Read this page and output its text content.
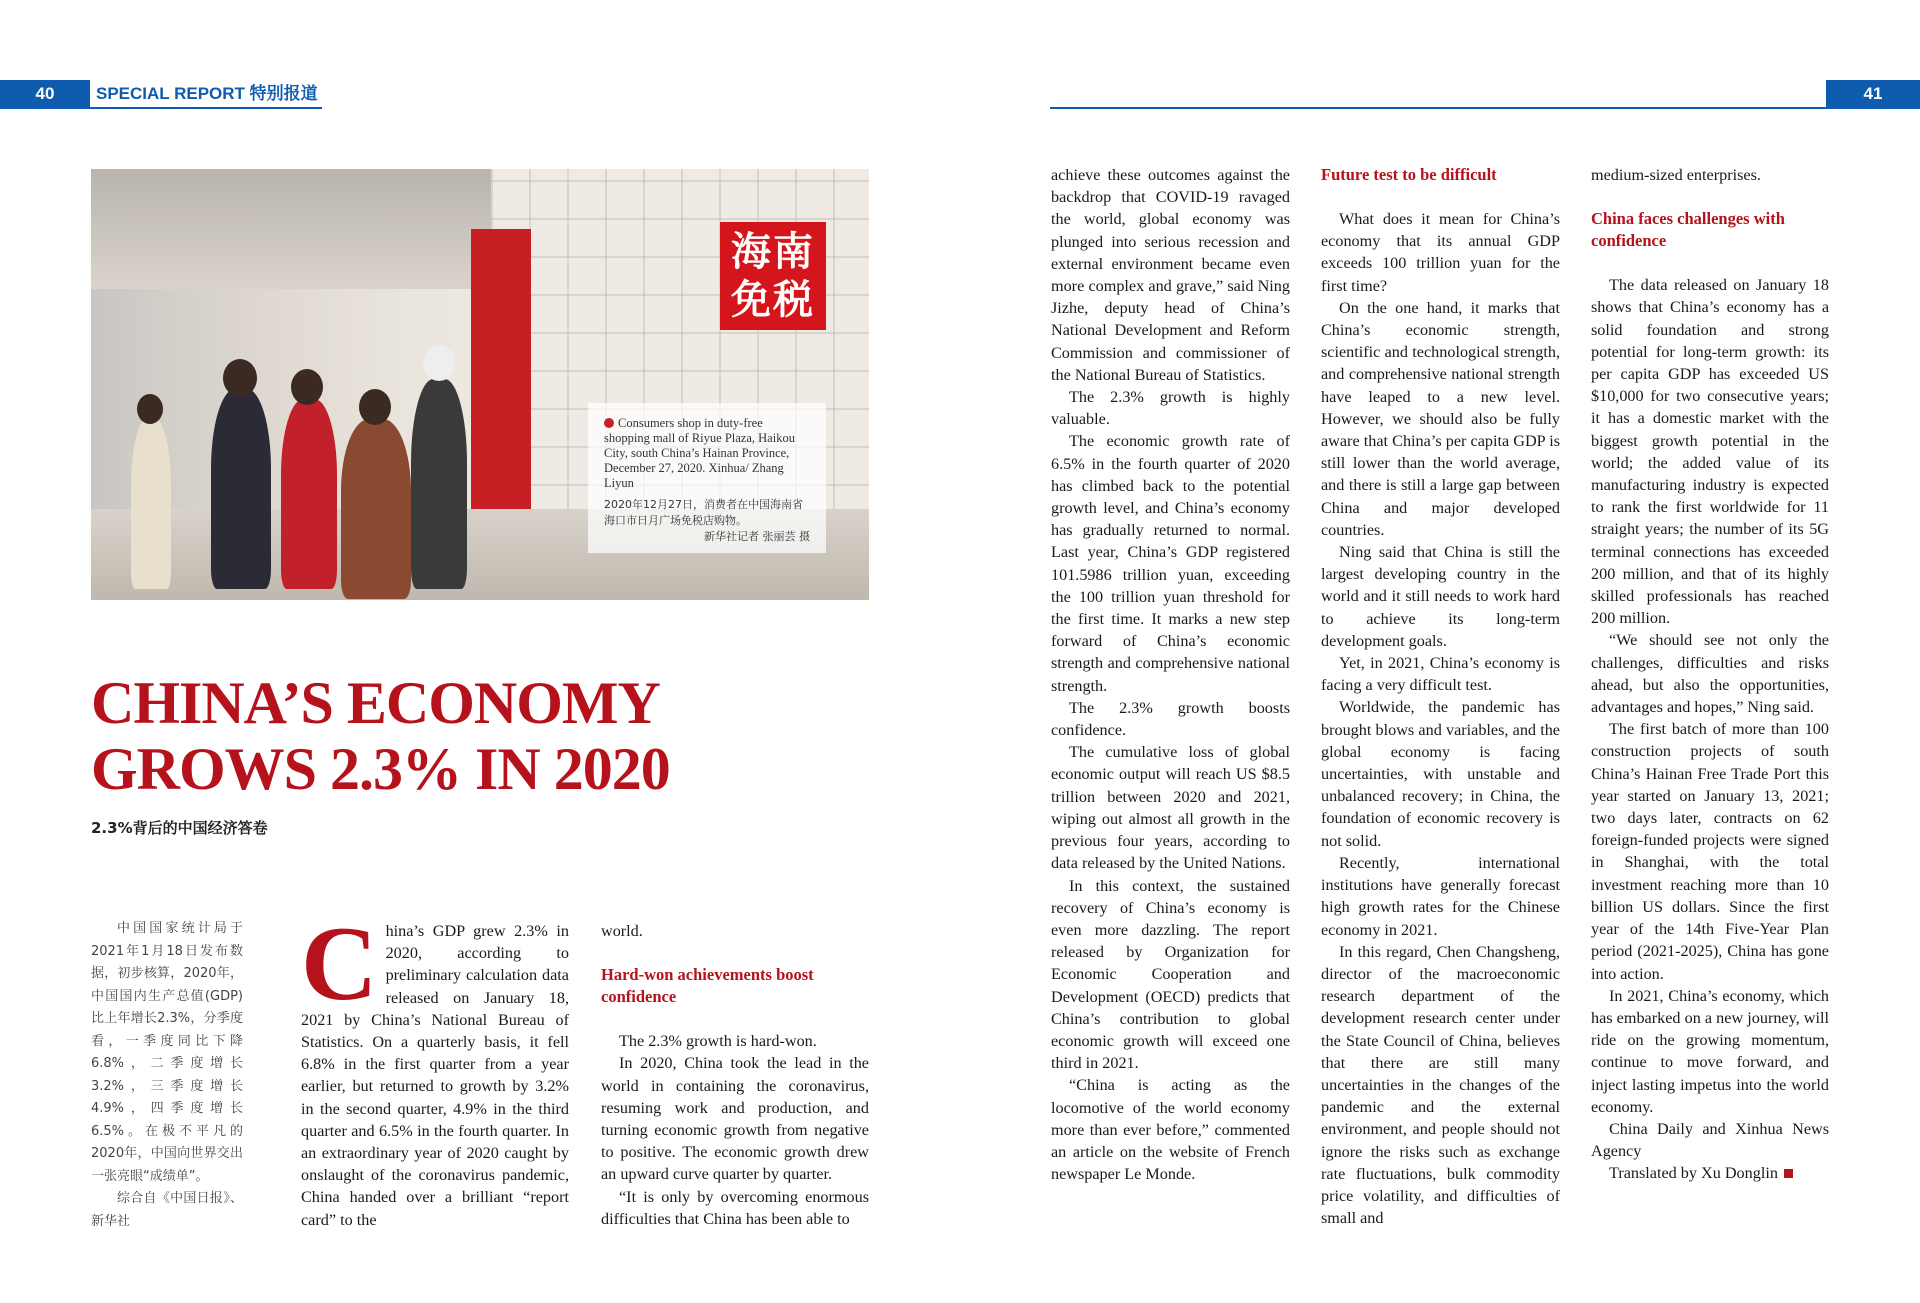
40	SPECIAL REPORT 特别报道	41
海南免税
Consumers shop in duty-free shopping mall of Riyue Plaza, Haikou City, south China’s Hainan Province, December 27, 2020. Xinhua/ Zhang Liyun
2020年12月27日，消费者在中国海南省海口市日月广场免税店购物。
新华社记者 张丽芸 摄
CHINA’S ECONOMY
GROWS 2.3% IN 2020
2.3%背后的中国经济答卷

中国国家统计局于2021年1月18日发布数据，初步核算，2020年，中国国内生产总值(GDP)比上年增长2.3%，分季度看，一季度同比下降6.8%，二季度增长3.2%，三季度增长4.9%，四季度增长6.5%。在极不平凡的2020年，中国向世界交出一张亮眼“成绩单”。

综合自《中国日报》、新华社

C hina’s GDP grew 2.3% in 2020, according to preliminary calculation data released on January 18, 2021 by China’s National Bureau of Statistics. On a quarterly basis, it fell 6.8% in the first quarter from a year earlier, but returned to growth by 3.2% in the second quarter, 4.9% in the third quarter and 6.5% in the fourth quarter. In an extraordinary year of 2020 caught by onslaught of the coronavirus pandemic, China handed over a brilliant “report card” to the

world.

Hard-won achievements boost confidence

The 2.3% growth is hard-won.

In 2020, China took the lead in the world in containing the coronavirus, resuming work and production, and turning economic growth from negative to positive. The economic growth drew an upward curve quarter by quarter.

“It is only by overcoming enormous difficulties that China has been able to

achieve these outcomes against the backdrop that COVID-19 ravaged the world, global economy was plunged into serious recession and external environment became even more complex and grave,” said Ning Jizhe, deputy head of China’s National Development and Reform Commission and commissioner of the National Bureau of Statistics.

The 2.3% growth is highly valuable.

The economic growth rate of 6.5% in the fourth quarter of 2020 has climbed back to the potential growth level, and China’s economy has gradually returned to normal. Last year, China’s GDP registered 101.5986 trillion yuan, exceeding the 100 trillion yuan threshold for the first time. It marks a new step forward of China’s economic strength and comprehensive national strength.

The 2.3% growth boosts confidence.

The cumulative loss of global economic output will reach US $8.5 trillion between 2020 and 2021, wiping out almost all growth in the previous four years, according to data released by the United Nations.

In this context, the sustained recovery of China’s economy is even more dazzling. The report released by Organization for Economic Cooperation and Development (OECD) predicts that China’s contribution to global economic growth will exceed one third in 2021.

“China is acting as the locomotive of the world economy more than ever before,” commented an article on the website of French newspaper Le Monde.

Future test to be difficult

What does it mean for China’s economy that its annual GDP exceeds 100 trillion yuan for the first time?

On the one hand, it marks that China’s economic strength, scientific and technological strength, and comprehensive national strength have leaped to a new level. However, we should also be fully aware that China’s per capita GDP is still lower than the world average, and there is still a large gap between China and major developed countries.

Ning said that China is still the largest developing country in the world and it still needs to work hard to achieve its long-term development goals.

Yet, in 2021, China’s economy is facing a very difficult test.

Worldwide, the pandemic has brought blows and variables, and the global economy is facing uncertainties, with unstable and unbalanced recovery; in China, the foundation of economic recovery is not solid.

Recently, international institutions have generally forecast high growth rates for the Chinese economy in 2021.

In this regard, Chen Changsheng, director of the macroeconomic research department of the development research center under the State Council of China, believes that there are still many uncertainties in the changes of the pandemic and the external environment, and people should not ignore the risks such as exchange rate fluctuations, bulk commodity price volatility, and difficulties of small and

medium-sized enterprises.

China faces challenges with confidence

The data released on January 18 shows that China’s economy has a solid foundation and strong potential for long-term growth: its per capita GDP has exceeded US $10,000 for two consecutive years; it has a domestic market with the biggest growth potential in the world; the added value of its manufacturing industry is expected to rank the first worldwide for 11 straight years; the number of its 5G terminal connections has exceeded 200 million, and that of its highly skilled professionals has reached 200 million.

“We should see not only the challenges, difficulties and risks ahead, but also the opportunities, advantages and hopes,” Ning said.

The first batch of more than 100 construction projects of south China’s Hainan Free Trade Port this year started on January 13, 2021; two days later, contracts on 62 foreign-funded projects were signed in Shanghai, with the total investment reaching more than 10 billion US dollars. Since the first year of the 14th Five-Year Plan period (2021-2025), China has gone into action.

In 2021, China’s economy, which has embarked on a new journey, will ride on the growing momentum, continue to move forward, and inject lasting impetus into the world economy.

China Daily and Xinhua News Agency

Translated by Xu Donglin
